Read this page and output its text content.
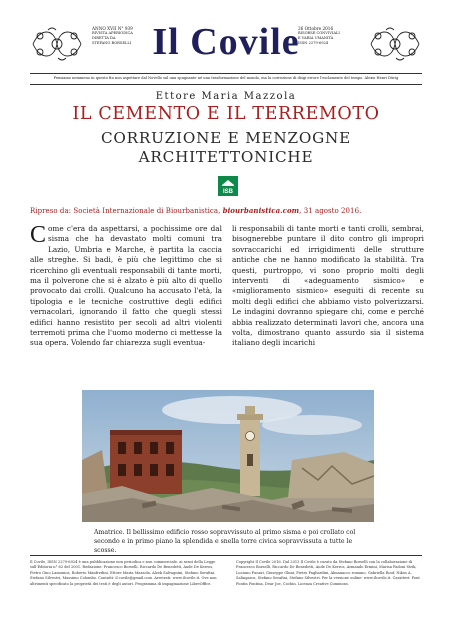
ANNO XVII N° 939
RIVISTA APERIODICA
DIRETTA DA
STEFANO BORSELLI Il Covile
26 Ottobre 2016
RISORSE CONVIVIALI
E VARIA UMANITÀ
ISSN 2279-6924
Pensiamo nemmeno in questo fin non aspettare dal Novello sul una spugnante né una trasformazione del mondo, ma la correzione di disgi errore l'esclamente del tempo. Alexis Henri Dürig
Ettore Maria Mazzola
IL CEMENTO E IL TERREMOTO
CORRUZIONE E MENZOGNE
ARCHITETTONICHE
ISB
Ripreso da: Società Internazionale di Biourbanistica, biourbanistica.com, 31 agosto 2016.
Come c'era da aspettarsi, a pochissime ore dal sisma che ha devastato molti comuni tra Lazio, Umbria e Marche, è partita la caccia alle streghe. Si badi, è più che legittimo che si ricerchino gli eventuali responsabili di tante morti, ma il polverone che si è alzato è più alto di quello provocato dai crolli. Qualcuno ha accusato l'età, la tipologia e le tecniche costruttive degli edifici vernacolari, ignorando il fatto che quegli stessi edifici hanno resistito per secoli ad altri violenti terremoti prima che l'uomo moderno ci mettesse la sua opera. Volendo far chiarezza sugli eventua-
li responsabili di tante morti e tanti crolli, sembrai, bisognerebbe puntare il dito contro gli impropri sovraccarichi ed irrigidimenti delle strutture antiche che ne hanno modificato la stabilità. Tra questi, purtroppo, vi sono proprio molti degli interventi di «adeguamento sismico» e «miglioramento sismico» eseguiti di recente su molti degli edifici che abbiamo visto polverizzarsi. Le indagini dovranno spiegare chi, come e perché abbia realizzato determinati lavori che, ancora una volta, dimostrano quanto assurdo sia il sistema italiano degli incarichi
Amatrice. Il bellissimo edificio rosso sopravvissuto al primo sisma e poi crollato col secondo e in primo piano la splendida e snella torre civica sopravvissuta a tutte le scosse.
Il Covile, ISSN 2279-6924 è una pubblicazione non periodica e non commerciale, ai sensi della Legge sull'Editoria n° 62 del 2001. Redazione: Francesco Borselli, Riccardo De Benedetti, Aude De Kerros, Pietro Gino Lamonica, Roberto Manfredini, Ettore Maria Mazzola, Alzek Salvagnini, Stefano Serafini, Stefano Silvestri, Massimo Colombo. Contatti: il.covile@gmail.com. Arretrati: www.ilcovile.it. Ove non altrimenti specificato la proprietà dei testi è degli autori. Programma di impaginazione LibreOffice.
Copyright Il Covile 2016. Dal 2013 Il Covile è curato da Stefano Borselli con la collaborazione di Francesco Borselli, Riccardo De Benedetti, Aude De Kerros, Armando Ermini, Marisa Fadoni Strik, Luciano Funari, Giuseppe Ghini, Pietro Pagliardini, Almanacco romano, Gabriella Rouf, Nikos A. Salingaros, Stefano Serafini, Stefano Silvestri. Per la versione online: www.ilcovile.it. Caratteri: Font Fontin Fontina, Dear Joe, Cochin. Licenza Creative Commons.
